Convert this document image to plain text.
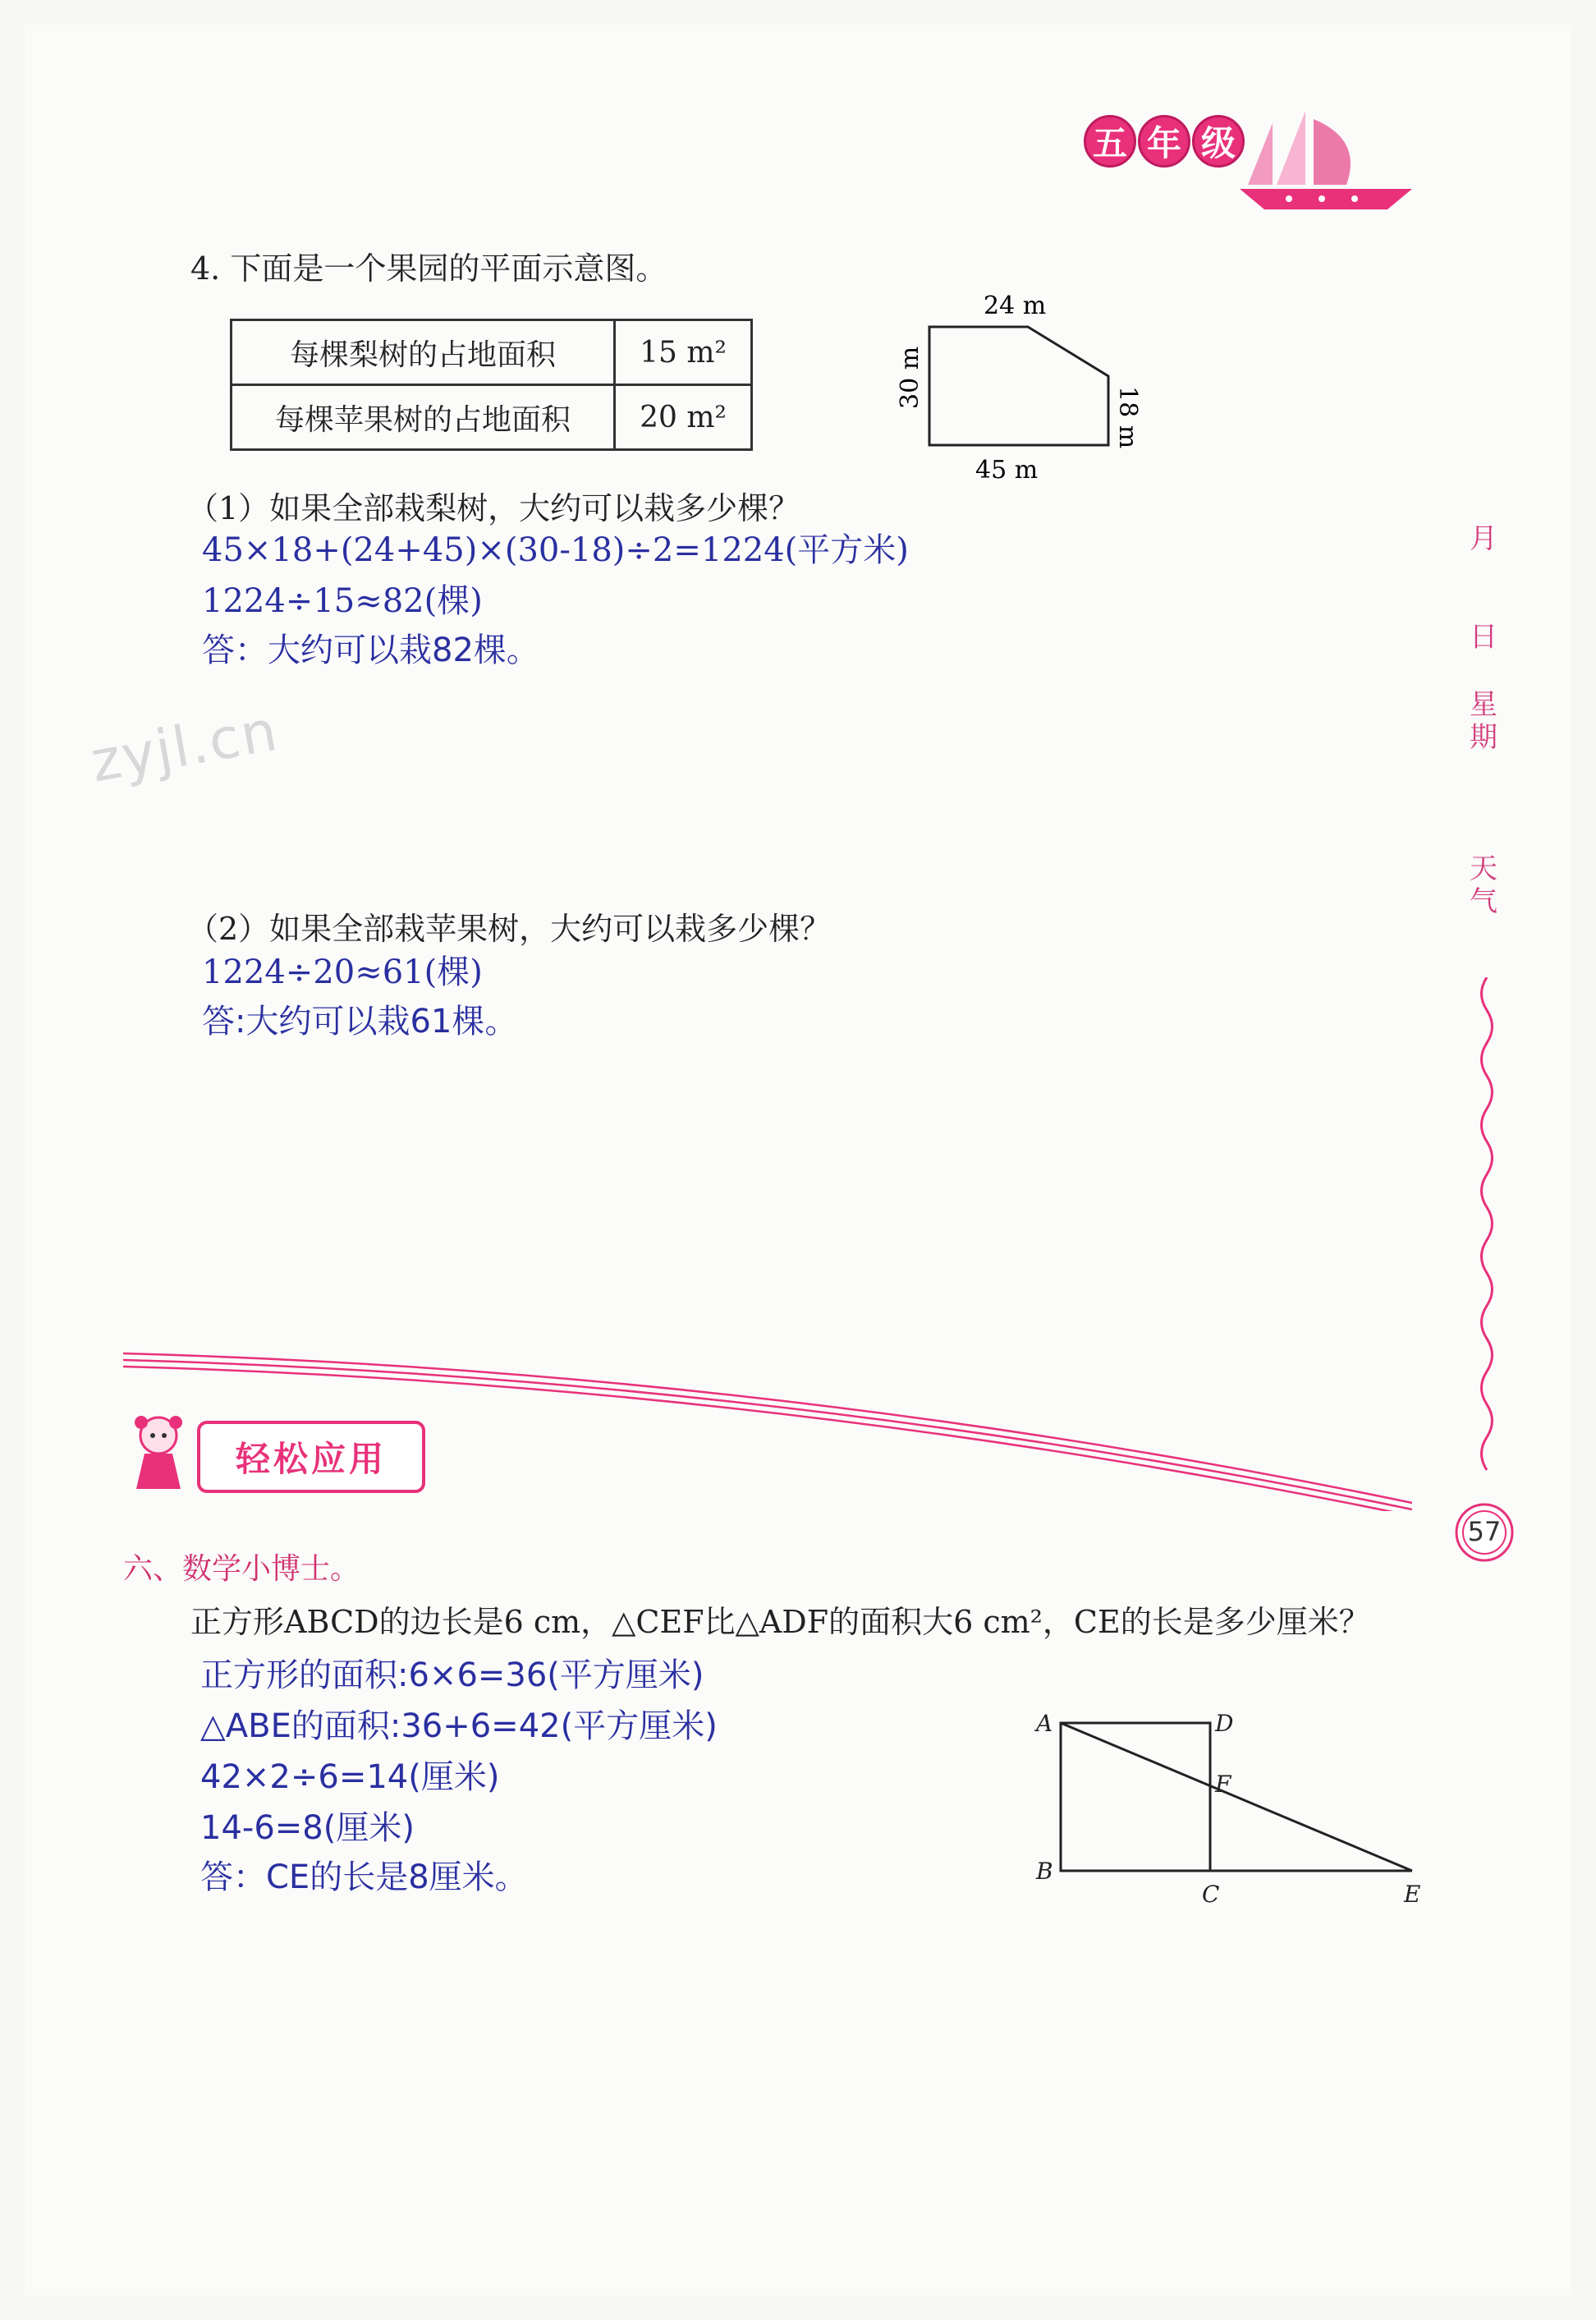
五 年 级
4. 下面是一个果园的平面示意图。
每棵梨树的占地面积	15 m²
每棵苹果树的占地面积	20 m²
24 m
30 m
18 m
45 m
（1）如果全部栽梨树，大约可以栽多少棵？
45×18+(24+45)×(30-18)÷2=1224(平方米)
1224÷15≈82(棵)
答：大约可以栽82棵。
zyjl.cn
（2）如果全部栽苹果树，大约可以栽多少棵？
1224÷20≈61(棵)
答:大约可以栽61棵。
月
日
星
期
天
气
57
轻松应用
六、数学小博士。
正方形ABCD的边长是6 cm，△CEF比△ADF的面积大6 cm²，CE的长是多少厘米？
正方形的面积:6×6=36(平方厘米)
△ABE的面积:36+6=42(平方厘米)
42×2÷6=14(厘米)
14-6=8(厘米)
答：CE的长是8厘米。
A	D
F
B
C	E
